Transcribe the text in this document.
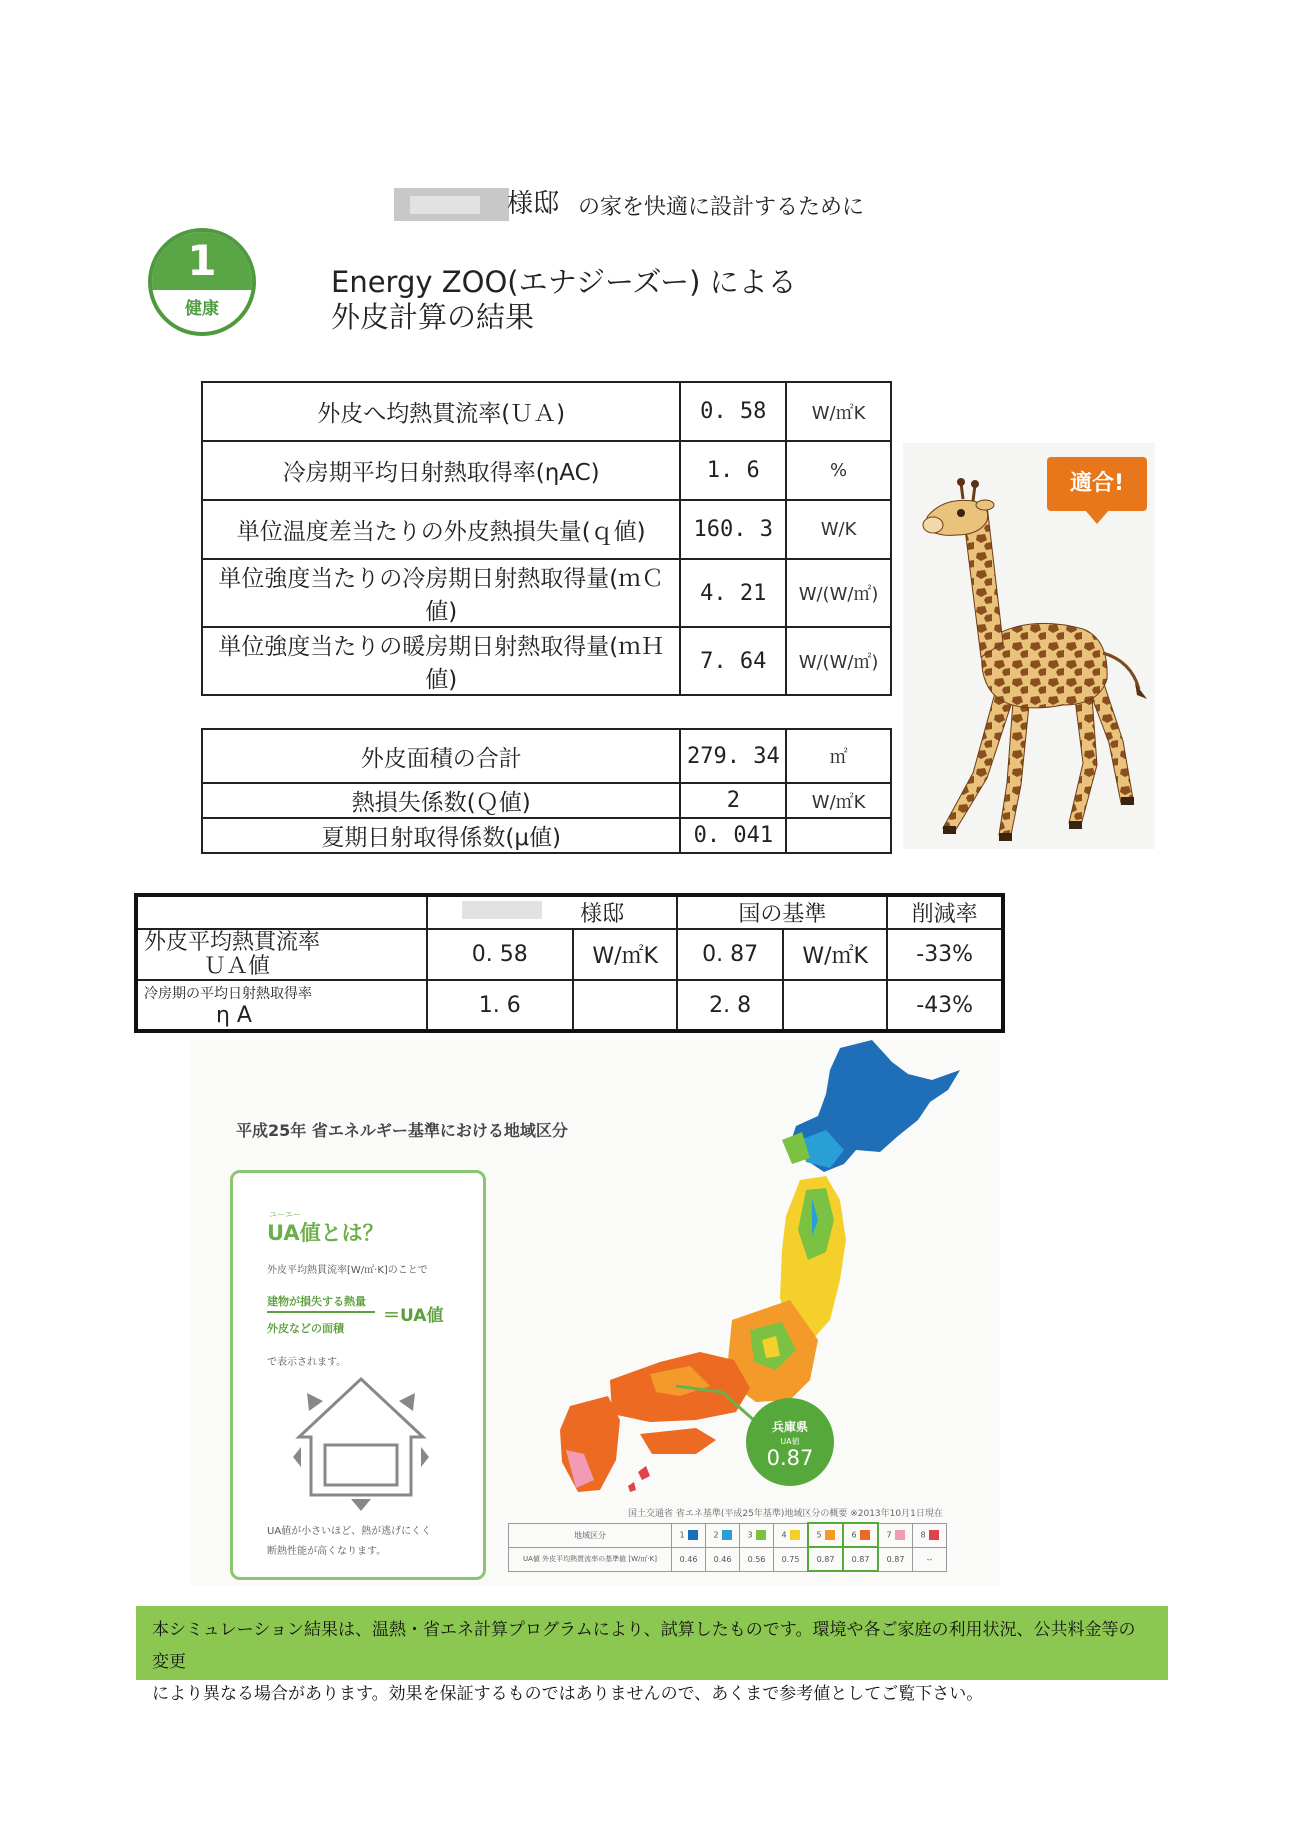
様邸 の家を快適に設計するために
1
健康
Energy ZOO(エナジーズー) による
外皮計算の結果
外皮へ均熱貫流率(ＵＡ)	0. 58	W/㎡K
冷房期平均日射熱取得率(ηAC)	1. 6	%
単位温度差当たりの外皮熱損失量(ｑ値)	160. 3	W/K
単位強度当たりの冷房期日射熱取得量(ｍＣ値)	4. 21	W/(W/㎡)
単位強度当たりの暖房期日射熱取得量(ｍＨ値)	7. 64	W/(W/㎡)
外皮面積の合計	279. 34	㎡
熱損失係数(Ｑ値)	2	W/㎡K
夏期日射取得係数(μ値)	0. 041	
適合!

様邸		国の基準		削減率

外皮平均熱貫流率
ＵＡ値	0. 58	W/㎡K	0. 87	W/㎡K	-33%

冷房期の平均日射熱取得率
η A	1. 6		2. 8		-43%
平成25年 省エネルギー基準における地域区分
ユーエー
UA値とは？
外皮平均熱貫流率[W/㎡·K]のことで
建物が損失する熱量
外皮などの面積
＝UA値
で表示されます。
UA値が小さいほど、熱が逃げにくく
断熱性能が高くなります。
兵庫県
UA値
0.87
国土交通省 省エネ基準(平成25年基準)地域区分の概要 ※2013年10月1日現在
地域区分	1	2	3	4	5	6	7	8
UA値 外皮平均熱貫流率の基準値 [W/㎡·K]	0.46	0.46	0.56	0.75	0.87	0.87	0.87	--
本シミュレーション結果は、温熱・省エネ計算プログラムにより、試算したものです。環境や各ご家庭の利用状況、公共料金等の変更
により異なる場合があります。効果を保証するものではありませんので、あくまで参考値としてご覧下さい。
